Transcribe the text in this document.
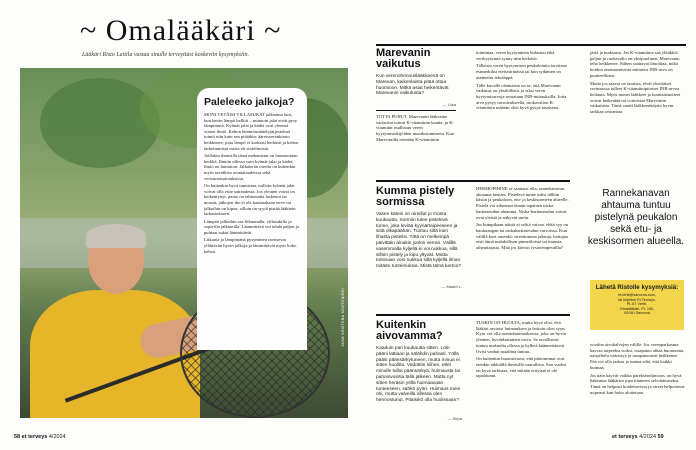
~ Omalääkäri ~
Lääkäri Risto Laitila vastaa sinulle terveyttäsi koskeviin kysymyksiin.
KUVA KRISTIINA KONTONIEMI
Paleleeko jalkoja?

MONI VETÄISI VILLASUKAT jalkaansa heti, kun kesän lämpö hellitti – muutoin jalat eivät pysy lämpiminä. Kylmät jalat ja kädet ovat yleensä viaton ilmiö. Kehon lämmönsäätelyjärjestelmä toimii niin kuin sen pitääkin: ääreisverenkierto heikkenee, jotta lämpö ei karkaisi herkästi ja kehon tärkeimmistä osista eli sisäelimistä.

Joillakin ihmisillä tämä mekanismi on luonnostaan herkkä. Ilmiön ollessa vain kylmät jalat ja kädet, ilmiö on harmiton. Jalkaterän oireilu on kuitenkin myös tavallista reumataudeissa sekä verisuonisairauksissa.

On kuitenkin hyvä tunnistaa, milloin kylmät jalat voivat olla viite sairaudesta. Jos yleinen vointi on heikentynyt, paino on tahtomatta laskenut tai nousut, jalkojen iho ei ole kauttaaltaan terve tai jalkoihin on kipua, silloin on syytä pistää lääkärin tarkastukseen.

Lämpöä jalkoihin saa liikunnalla, villasukilla ja sopivilla jalkineilla. Lämmittävä voi tehdä paljon ja puhtaat sukat lämmittävät.

Liikunta ja lämpimänä pysyminen ravitsevat yllättävän hyvin jalkoja ja lämmittävät myös koko kehoa.

58 et terveys 4/2024
Marevanin vaikutus
Kun verenohennuslääkkeenä on Marevan, kaikenlaista pitää ottaa huomioon. Mitkä asiat heikentävät Marevanin vaikutusta?
— Liisa

TOTTA PUHUT. Marevanin lääkeaine varfariini toimii K-vitamiinin kautta, ja K-vitamiini osallistuu veren hyytymistekijöiden muodostumiseen. Kun Marevanilla estetään K-vitamiinin

toimintaa, veren hyytyminen hidastuu eikä verihyytymiä synny niin herkästi.

Tällaista veren hyytymisen peukalointia tarvitaan esimerkiksi eteisvärinässä tai kun sydämen on asennettu tekoläppä.

Tälle kuvalle olennaista on se, että Marevanin vaikutus on yksilöllistä, ja siksi veren hyytymisarvoja seurataan INR-mittauksilla. Jotta arvo pysyy tavoitealueella, ruokavalion K-vitamiinin määrän olisi hyvä pysyä tasaisena.

jäsiä ja maksasta. Jos K-vitamiinia saa yhtäkkiä paljon ja ruokavalio on yksipuolinen, Marevanin teho heikkenee. Siihen saattavat ilmoittaa, mikä hoidon onnistumisesta mittaava INR-arvo on puutteellinen.

Muita jos saavat on tasaista, eivät yksittäiset ravinnossa tulleet K-vitamiinipitoiset INR-arvoa heilauta. Myös monet lääkkeet ja luontaistuotteet voivat heikentää tai voimistaa Marevanin vaikutusta. Tämä vaatii lääkkeenkäyttö hyvin tarkkaa seurantaa.

Kumma pistely sormissa
Vasen käteni on oireillut jo monta kuukautta. Sormiin tulee pistelevä tunne, joka leviää kyynärtaipeeseen ja siitä olkapäähän. Tuntuu siltä kuin lihasta pistelisi. Tätä on melkeinpä päivittäin ainakin jonkin verran. Välillä vasemmalla kyljellä ei voi nukkua, sillä silloin pistely ja kipu yltyvät. Mutta toisinaan voin nukkua sillä kyljellä ilman mitään tuntemuksia. Mistä tämä kertoo?
— Maarit L.

HERMOPIHINE se saattaisi olla, rannekanavan ahtauma kenties. Pistelevä tunne tulisi tällöin käsiin ja peukaloon, etu- ja keskisormeen alueelle. Pistelä voi aiheuttaa tämän tapainen niska-hartiaseudun ahtauma. Niska-hartiaseudun vaivat ovat yleisiä ja näkyvät usein.

Jos kumpikaan näistä ei selitä vaivaa, ehkä syy on kaularangan tai niskahartiaseudun vaivoissa. Kun välillä koet omenkö oireettomina jaksoja, hoitajaa etsii tämä mahdollisen pinnetiloista tai muusta aiheuttajasta. Mitä jos kävisit fysioterapeutilla?

Rannekanavan ahtauma tuntuu pistelynä peukalon sekä etu- ja keskisormen alueella.
Lähetä Ristolle kysymyksiä:
et-lehti@sanoma.com,
tai kirjeitse Et Terveys,
PL 67 Vertti,
Omalääkäri, PL 100,
00040 Sanoma
Kuitenkin aivovamma?
Kaaduin pari kuukautta sitten. Löin pääni lattiaan ja sälähdin pahasti. Yöllä pääsi päänsärkytuneen, mutta minua ei sitten huolittu. Vedottiin siihen, ettei minulle tullut päänsärkyä, huimausta tai pahoinvointia tällä jälkeen. Mutta nyt sitten heräsin yöllä huimaavaan tunteeseen, sähkö pyöri. Huimaus meni ohi, mutta valveilla ollessa olen hermostunut. Pitäisikö olla huolissaan?
— Sirpa

TUSKIN ON HUOLTA, mutta hyvä olisi, että lääkäri arvioisi huimauksen ja hoitoin olon syyn. Kyse voi olla asentohuimauksesta, joka on hyvin yleinen, hyvänlaatuinen vaiva. Se tavallisesti tuntuu makuulta ollessa ja kylkeä käännettäessä. Ovisi vanhat maailma tuntuu.

On kuitenkin huomioitava, että päävammat ovat etenkin iäkkäillä ihmisillä vaarallisia. Sen vuoksi on hyvä tarkistaa, että mitään erityistä ei ole tapahtunut.

voodon aivokalvojen välille. Jos verenparkasma kasvaa tarpeeksi isoksi, tasapaino alkaa huonontua, naisjeltelu vääristyy ja tasapainoaisti heikkenee. Pää voi olla raskas ja tuntua siltä, että kaikki huimaa.

Jos näin käyvät vaikka pärekseinhintoon, on hyvä hakeutua lääkäriin jopa tilanteen selvittämiseksi. Tämä on helposti hoidettavissa ja oireet helpottavat nopeasti kun hoito aloitetaan.

et terveys 4/2024 59
